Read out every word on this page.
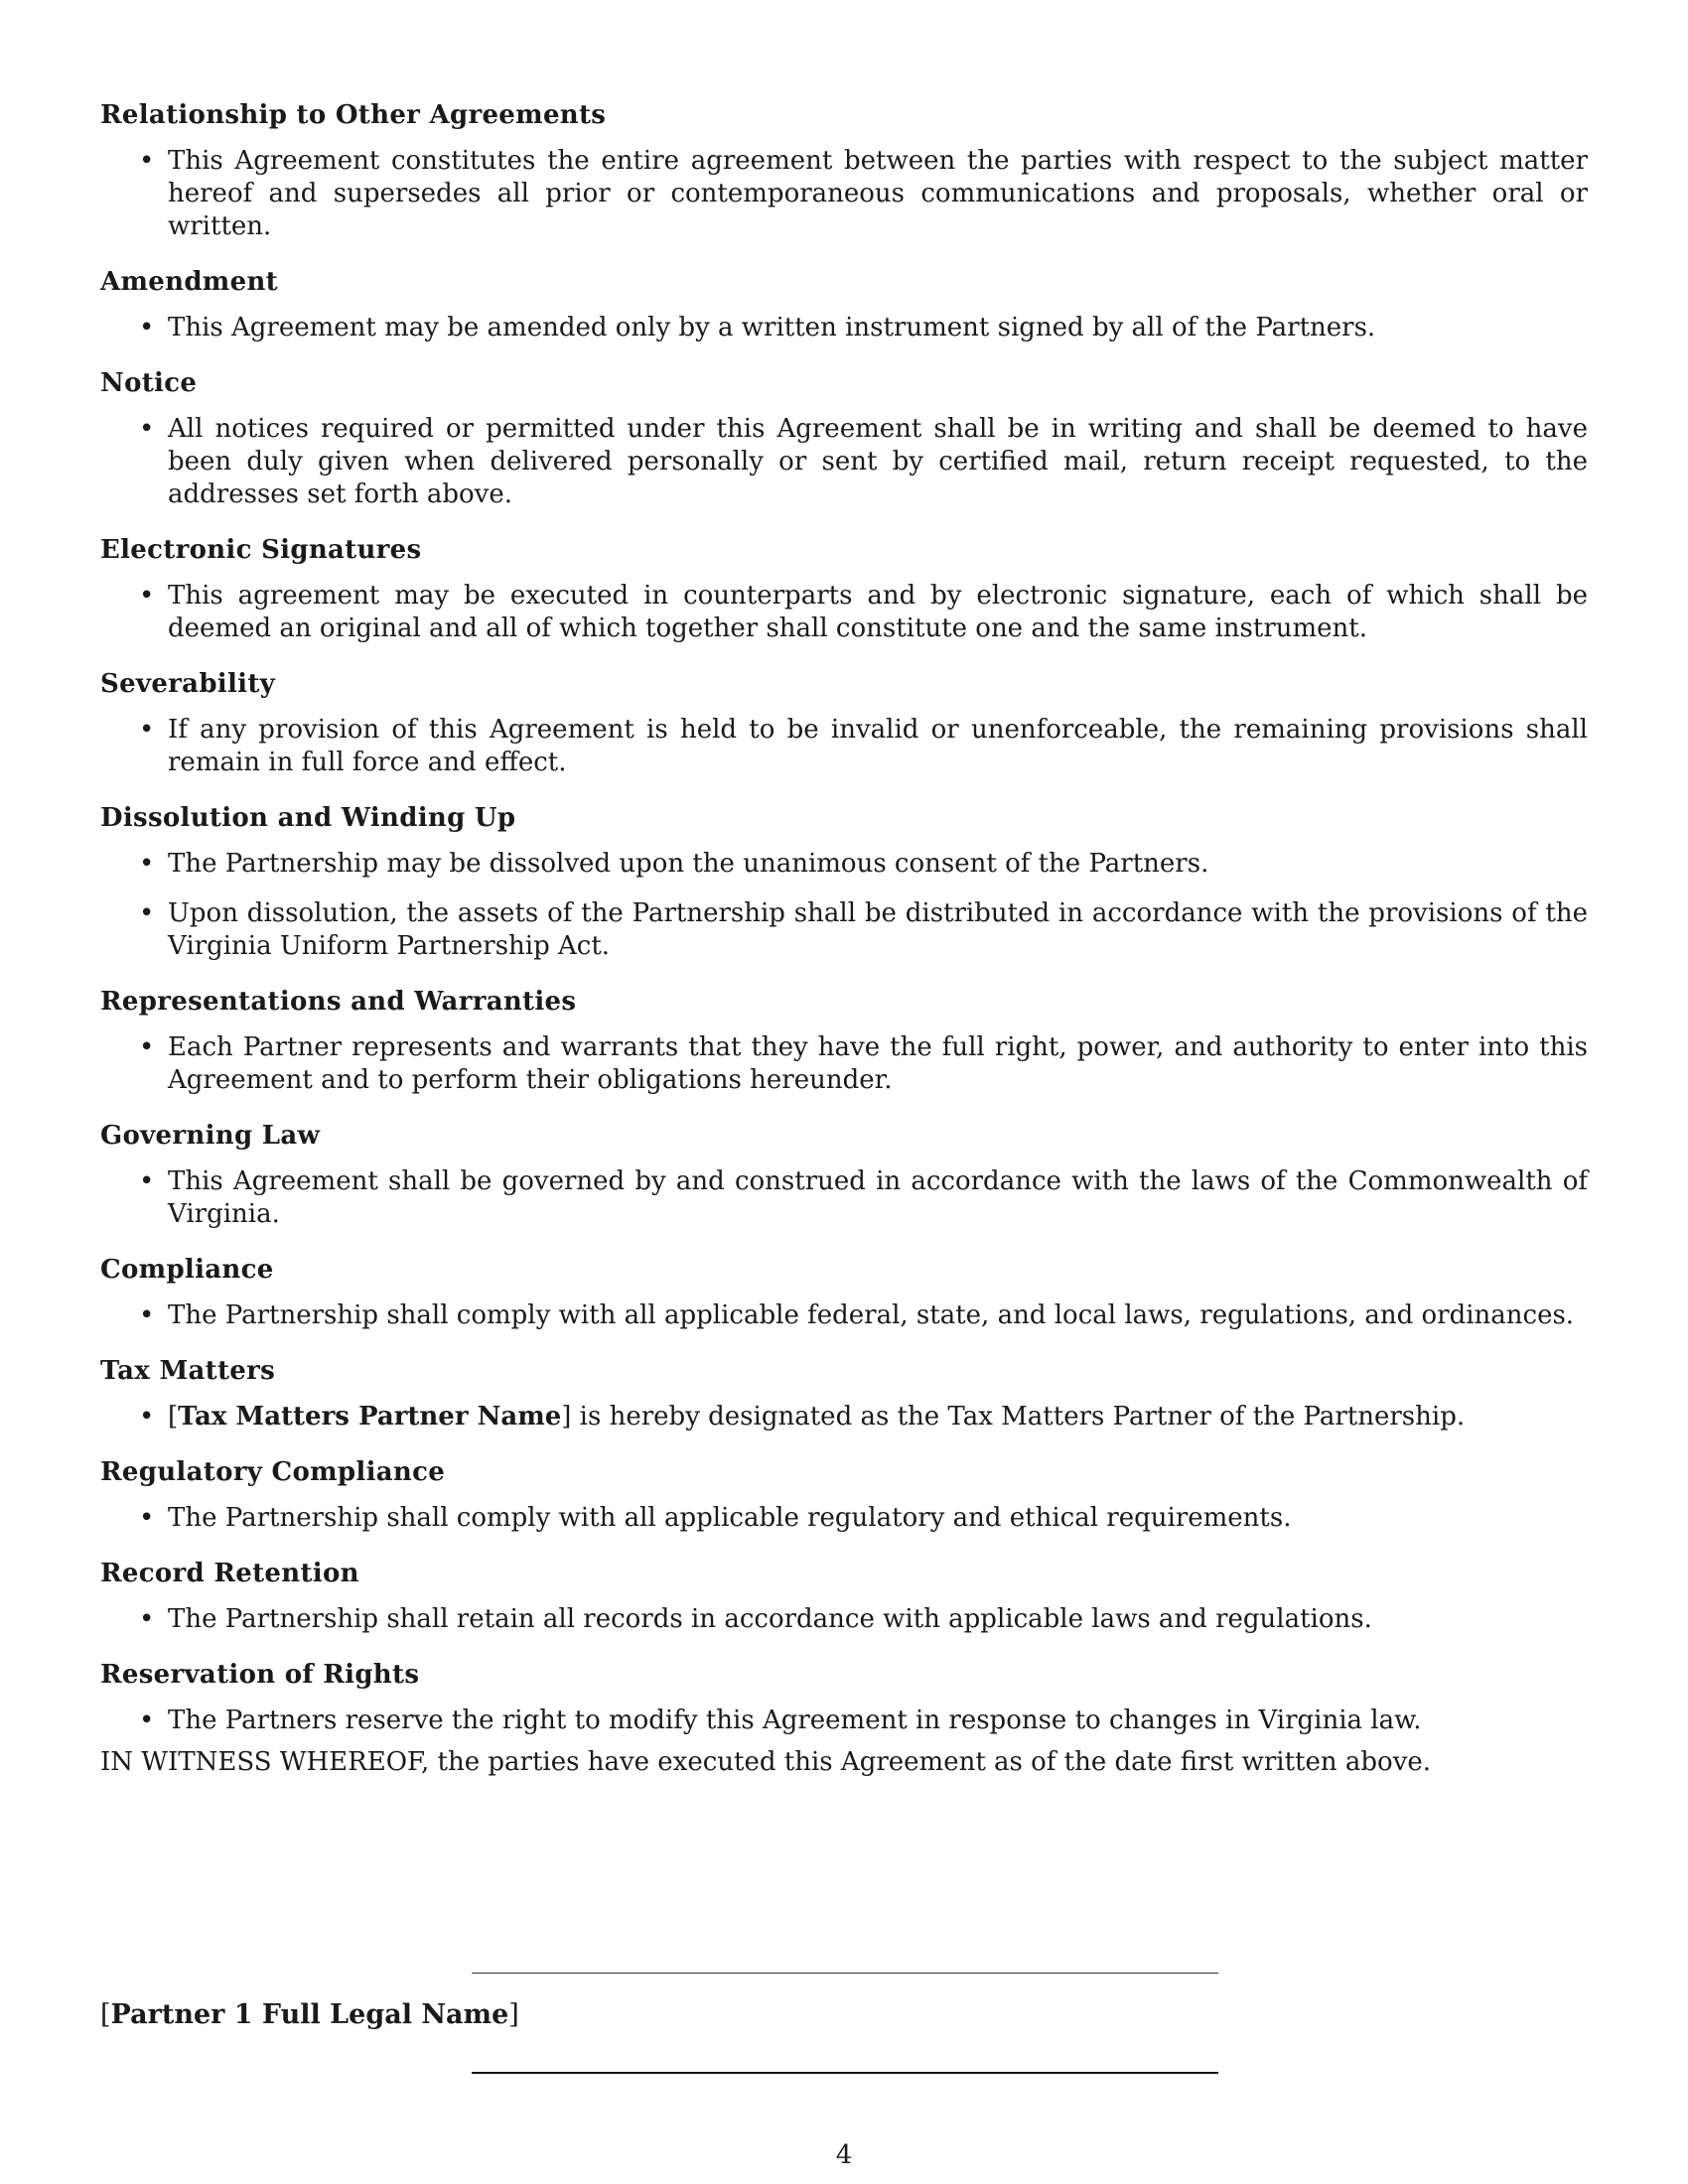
Relationship to Other Agreements
• This Agreement constitutes the entire agreement between the parties with respect to the subject matter hereof and supersedes all prior or contemporaneous communications and proposals, whether oral or written.
Amendment
• This Agreement may be amended only by a written instrument signed by all of the Partners.
Notice
• All notices required or permitted under this Agreement shall be in writing and shall be deemed to have been duly given when delivered personally or sent by certified mail, return receipt requested, to the addresses set forth above.
Electronic Signatures
• This agreement may be executed in counterparts and by electronic signature, each of which shall be deemed an original and all of which together shall constitute one and the same instrument.
Severability
• If any provision of this Agreement is held to be invalid or unenforceable, the remaining provisions shall remain in full force and effect.
Dissolution and Winding Up
• The Partnership may be dissolved upon the unanimous consent of the Partners.
• Upon dissolution, the assets of the Partnership shall be distributed in accordance with the provisions of the Virginia Uniform Partnership Act.
Representations and Warranties
• Each Partner represents and warrants that they have the full right, power, and authority to enter into this Agreement and to perform their obligations hereunder.
Governing Law
• This Agreement shall be governed by and construed in accordance with the laws of the Commonwealth of Virginia.
Compliance
• The Partnership shall comply with all applicable federal, state, and local laws, regulations, and ordinances.
Tax Matters
• [Tax Matters Partner Name] is hereby designated as the Tax Matters Partner of the Partnership.
Regulatory Compliance
• The Partnership shall comply with all applicable regulatory and ethical requirements.
Record Retention
• The Partnership shall retain all records in accordance with applicable laws and regulations.
Reservation of Rights
• The Partners reserve the right to modify this Agreement in response to changes in Virginia law.

IN WITNESS WHEREOF, the parties have executed this Agreement as of the date first written above.

[Partner 1 Full Legal Name]
4
